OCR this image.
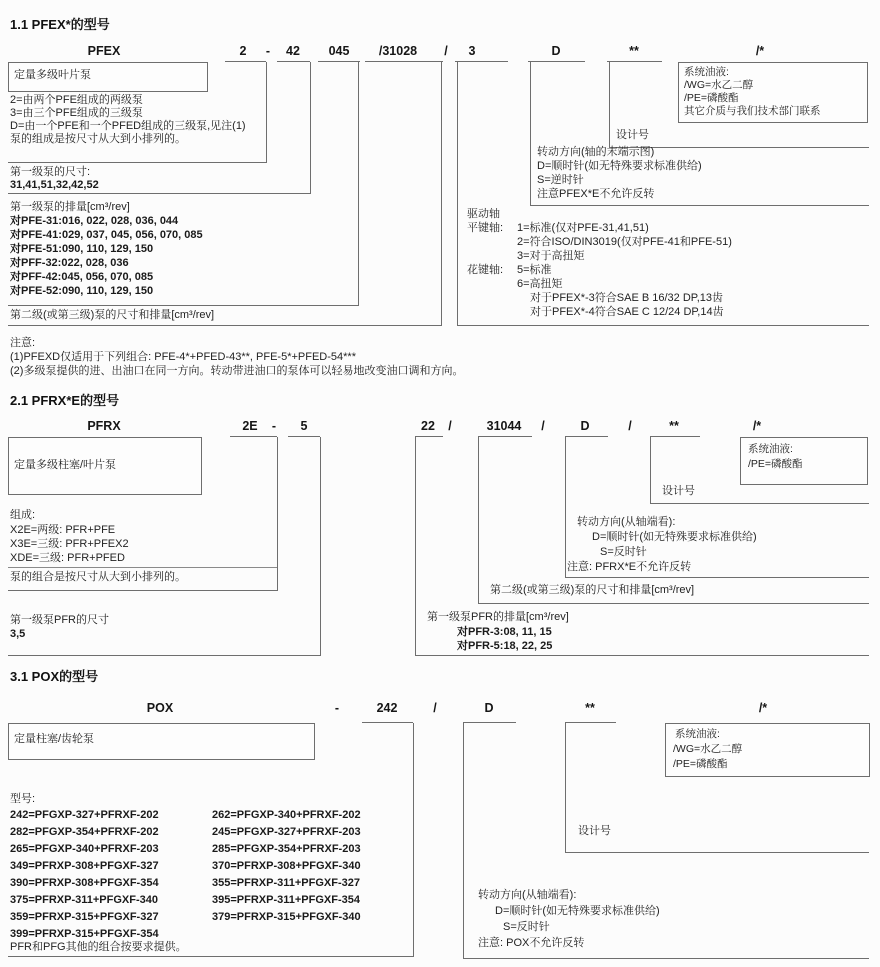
1.1 PFEX*的型号
PFEX	2 - 42 045 /31028 / 3	D	**	/*
定量多级叶片泵
2=由两个PFE组成的两级泵
3=由三个PFE组成的三级泵
D=由一个PFE和一个PFED组成的三级泵,见注(1)
泵的组成是按尺寸从大到小排列的。
第一级泵的尺寸:
31,41,51,32,42,52
第一级泵的排量[cm³/rev]
对PFE-31:016, 022, 028, 036, 044
对PFE-41:029, 037, 045, 056, 070, 085
对PFE-51:090, 110, 129, 150
对PFF-32:022, 028, 036
对PFF-42:045, 056, 070, 085
对PFE-52:090, 110, 129, 150
第二级(或第三级)泵的尺寸和排量[cm³/rev]
驱动轴
平键轴: 1=标准(仅对PFE-31,41,51)
2=符合ISO/DIN3019(仅对PFE-41和PFE-51)
3=对于高扭矩
花键轴: 5=标准
6=高扭矩
对于PFEX*-3符合SAE B 16/32 DP,13齿
对于PFEX*-4符合SAE C 12/24 DP,14齿
转动方向(轴的末端示图)
D=顺时针(如无特殊要求标准供给)
S=逆时针
注意PFEX*E不允许反转
设计号
系统油液:
/WG=水乙二醇
/PE=磷酸酯
其它介质与我们技术部门联系
注意:
(1)PFEXD仅适用于下列组合: PFE-4*+PFED-43**, PFE-5*+PFED-54***
(2)多级泵提供的进、出油口在同一方向。转动带进油口的泵体可以轻易地改变油口调和方向。
2.1 PFRX*E的型号
PFRX	2E - 5	22 /	31044 /	D	/	**	/*
定量多级柱塞/叶片泵
组成:
X2E=两级: PFR+PFE
X3E=三级: PFR+PFEX2
XDE=三级: PFR+PFED
泵的组合是按尺寸从大到小排列的。
第一级泵PFR的尺寸
3,5
第一级泵PFR的排量[cm³/rev]
对PFR-3:08, 11, 15
对PFR-5:18, 22, 25
第二级(或第三级)泵的尺寸和排量[cm³/rev]
转动方向(从轴端看):
D=顺时针(如无特殊要求标准供给)
S=反时针
注意: PFRX*E不允许反转
设计号
系统油液:
/PE=磷酸酯
3.1 POX的型号
POX	-	242	/	D	**	/*
定量柱塞/齿轮泵
型号:
242=PFGXP-327+PFRXF-202
282=PFGXP-354+PFRXF-202
265=PFGXP-340+PFRXF-203
349=PFRXP-308+PFGXF-327
390=PFRXP-308+PFGXF-354
375=PFRXP-311+PFGXF-340
359=PFRXP-315+PFGXF-327
399=PFRXP-315+PFGXF-354
262=PFGXP-340+PFRXF-202
245=PFGXP-327+PFRXF-203
285=PFGXP-354+PFRXF-203
370=PFRXP-308+PFGXF-340
355=PFRXP-311+PFGXF-327
395=PFRXP-311+PFGXF-354
379=PFRXP-315+PFGXF-340
PFR和PFG其他的组合按要求提供。
转动方向(从轴端看):
D=顺时针(如无特殊要求标准供给)
S=反时针
注意: POX不允许反转
设计号
系统油液:
/WG=水乙二醇
/PE=磷酸酯
